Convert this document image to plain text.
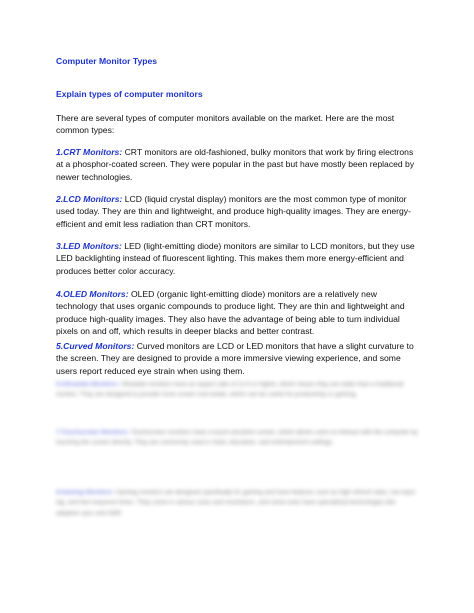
Computer Monitor Types
Explain types of computer monitors
There are several types of computer monitors available on the market. Here are the most common types:
1.CRT Monitors: CRT monitors are old-fashioned, bulky monitors that work by firing electrons at a phosphor-coated screen. They were popular in the past but have mostly been replaced by newer technologies.
2.LCD Monitors: LCD (liquid crystal display) monitors are the most common type of monitor used today. They are thin and lightweight, and produce high-quality images. They are energy-efficient and emit less radiation than CRT monitors.
3.LED Monitors: LED (light-emitting diode) monitors are similar to LCD monitors, but they use LED backlighting instead of fluorescent lighting. This makes them more energy-efficient and produces better color accuracy.
4.OLED Monitors: OLED (organic light-emitting diode) monitors are a relatively new technology that uses organic compounds to produce light. They are thin and lightweight and produce high-quality images. They also have the advantage of being able to turn individual pixels on and off, which results in deeper blacks and better contrast.
5.Curved Monitors: Curved monitors are LCD or LED monitors that have a slight curvature to the screen. They are designed to provide a more immersive viewing experience, and some users report reduced eye strain when using them.
6.Ultrawide Monitors: Ultrawide monitors have an aspect ratio of 21:9 or higher, which means they are wider than a traditional monitor. They are designed to provide more screen real estate, which can be useful for productivity or gaming.
7.Touchscreen Monitors: Touchscreen monitors have a touch-sensitive screen, which allows users to interact with the computer by touching the screen directly. They are commonly used in retail, education, and entertainment settings.
8.Gaming Monitors: Gaming monitors are designed specifically for gaming and have features such as high refresh rates, low input lag, and fast response times. They come in various sizes and resolutions, and some even have specialized technologies like adaptive sync and HDR.
